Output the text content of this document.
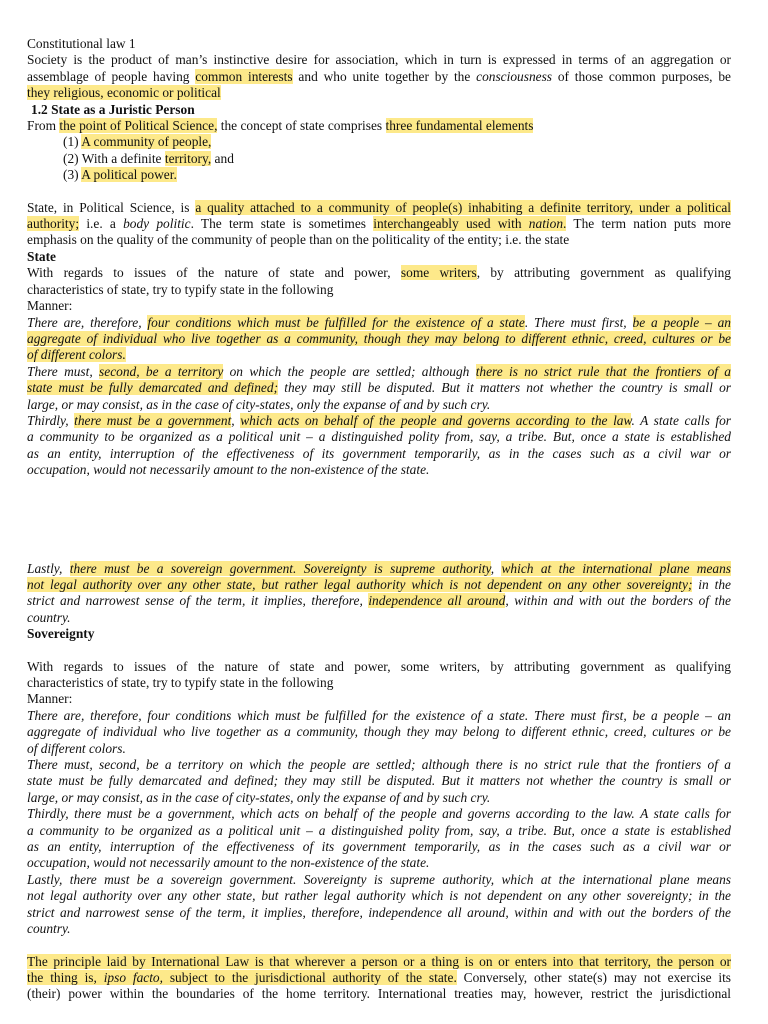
Constitutional law 1
Society is the product of man’s instinctive desire for association, which in turn is expressed in terms of an aggregation or
assemblage of people having common interests and who unite together by the consciousness of those common purposes, be
they religious, economic or political
1.2 State as a Juristic Person
From the point of Political Science, the concept of state comprises three fundamental elements
(1) A community of people,
(2) With a definite territory, and
(3) A political power.
State, in Political Science, is a quality attached to a community of people(s) inhabiting a definite territory, under a political
authority; i.e. a body politic. The term state is sometimes interchangeably used with nation. The term nation puts more
emphasis on the quality of the community of people than on the politicality of the entity; i.e. the state
State
With regards to issues of the nature of state and power, some writers, by attributing government as qualifying
characteristics of state, try to typify state in the following
Manner:
There are, therefore, four conditions which must be fulfilled for the existence of a state. There must first, be a people – an
aggregate of individual who live together as a community, though they may belong to different ethnic, creed, cultures or be
of different colors.
There must, second, be a territory on which the people are settled; although there is no strict rule that the frontiers of a
state must be fully demarcated and defined; they may still be disputed. But it matters not whether the country is small or
large, or may consist, as in the case of city-states, only the expanse of and by such cry.
Thirdly, there must be a government, which acts on behalf of the people and governs according to the law. A state calls for
a community to be organized as a political unit – a distinguished polity from, say, a tribe. But, once a state is established
as an entity, interruption of the effectiveness of its government temporarily, as in the cases such as a civil war or
occupation, would not necessarily amount to the non-existence of the state.
Lastly, there must be a sovereign government. Sovereignty is supreme authority, which at the international plane means
not legal authority over any other state, but rather legal authority which is not dependent on any other sovereignty; in the
strict and narrowest sense of the term, it implies, therefore, independence all around, within and with out the borders of the
country.
Sovereignty
With regards to issues of the nature of state and power, some writers, by attributing government as qualifying
characteristics of state, try to typify state in the following
Manner:
There are, therefore, four conditions which must be fulfilled for the existence of a state. There must first, be a people – an
aggregate of individual who live together as a community, though they may belong to different ethnic, creed, cultures or be
of different colors.
There must, second, be a territory on which the people are settled; although there is no strict rule that the frontiers of a
state must be fully demarcated and defined; they may still be disputed. But it matters not whether the country is small or
large, or may consist, as in the case of city-states, only the expanse of and by such cry.
Thirdly, there must be a government, which acts on behalf of the people and governs according to the law. A state calls for
a community to be organized as a political unit – a distinguished polity from, say, a tribe. But, once a state is established
as an entity, interruption of the effectiveness of its government temporarily, as in the cases such as a civil war or
occupation, would not necessarily amount to the non-existence of the state.
Lastly, there must be a sovereign government. Sovereignty is supreme authority, which at the international plane means
not legal authority over any other state, but rather legal authority which is not dependent on any other sovereignty; in the
strict and narrowest sense of the term, it implies, therefore, independence all around, within and with out the borders of the
country.
The principle laid by International Law is that wherever a person or a thing is on or enters into that territory, the person or
the thing is, ipso facto, subject to the jurisdictional authority of the state. Conversely, other state(s) may not exercise its
(their) power within the boundaries of the home territory. International treaties may, however, restrict the jurisdictional
